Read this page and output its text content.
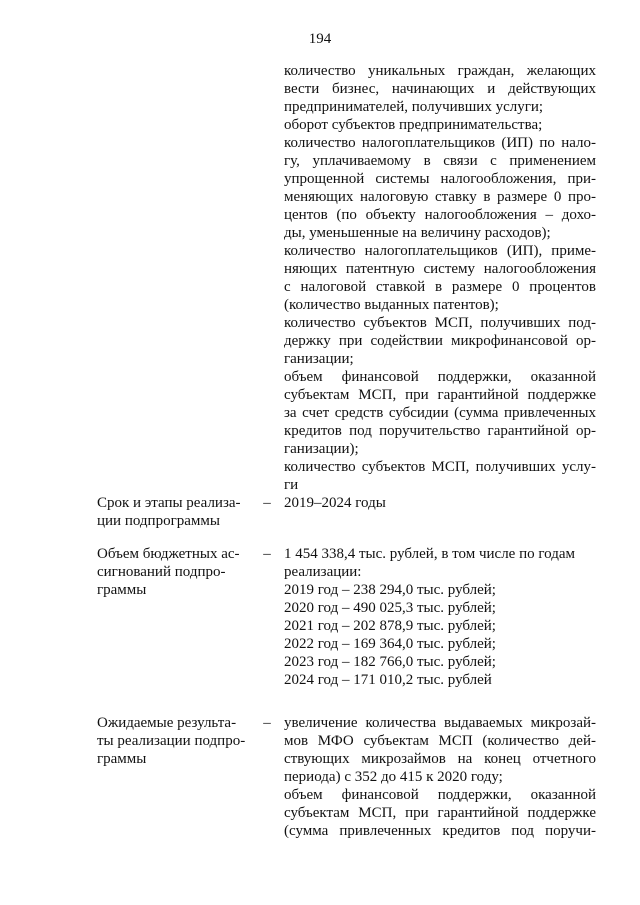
194
количество уникальных граждан, желающих
вести бизнес, начинающих и действующих
предпринимателей, получивших услуги;
оборот субъектов предпринимательства;
количество налогоплательщиков (ИП) по нало-
гу, уплачиваемому в связи с применением
упрощенной системы налогообложения, при-
меняющих налоговую ставку в размере 0 про-
центов (по объекту налогообложения – дохо-
ды, уменьшенные на величину расходов);
количество налогоплательщиков (ИП), приме-
няющих патентную систему налогообложения
с налоговой ставкой в размере 0 процентов
(количество выданных патентов);
количество субъектов МСП, получивших под-
держку при содействии микрофинансовой ор-
ганизации;
объем финансовой поддержки, оказанной
субъектам МСП, при гарантийной поддержке
за счет средств субсидии (сумма привлеченных
кредитов под поручительство гарантийной ор-
ганизации);
количество субъектов МСП, получивших услу-
ги
Срок и этапы реализа-
ции подпрограммы
– 2019–2024 годы
Объем бюджетных ас-
сигнований подпро-
граммы
– 1 454 338,4 тыс. рублей, в том числе по годам
реализации:
2019 год – 238 294,0 тыс. рублей;
2020 год – 490 025,3 тыс. рублей;
2021 год – 202 878,9 тыс. рублей;
2022 год – 169 364,0 тыс. рублей;
2023 год – 182 766,0 тыс. рублей;
2024 год – 171 010,2 тыс. рублей
Ожидаемые результа-
ты реализации подпро-
граммы
– увеличение количества выдаваемых микрозай-
мов МФО субъектам МСП (количество дей-
ствующих микрозаймов на конец отчетного
периода) с 352 до 415 к 2020 году;
объем финансовой поддержки, оказанной
субъектам МСП, при гарантийной поддержке
(сумма привлеченных кредитов под поручи-
